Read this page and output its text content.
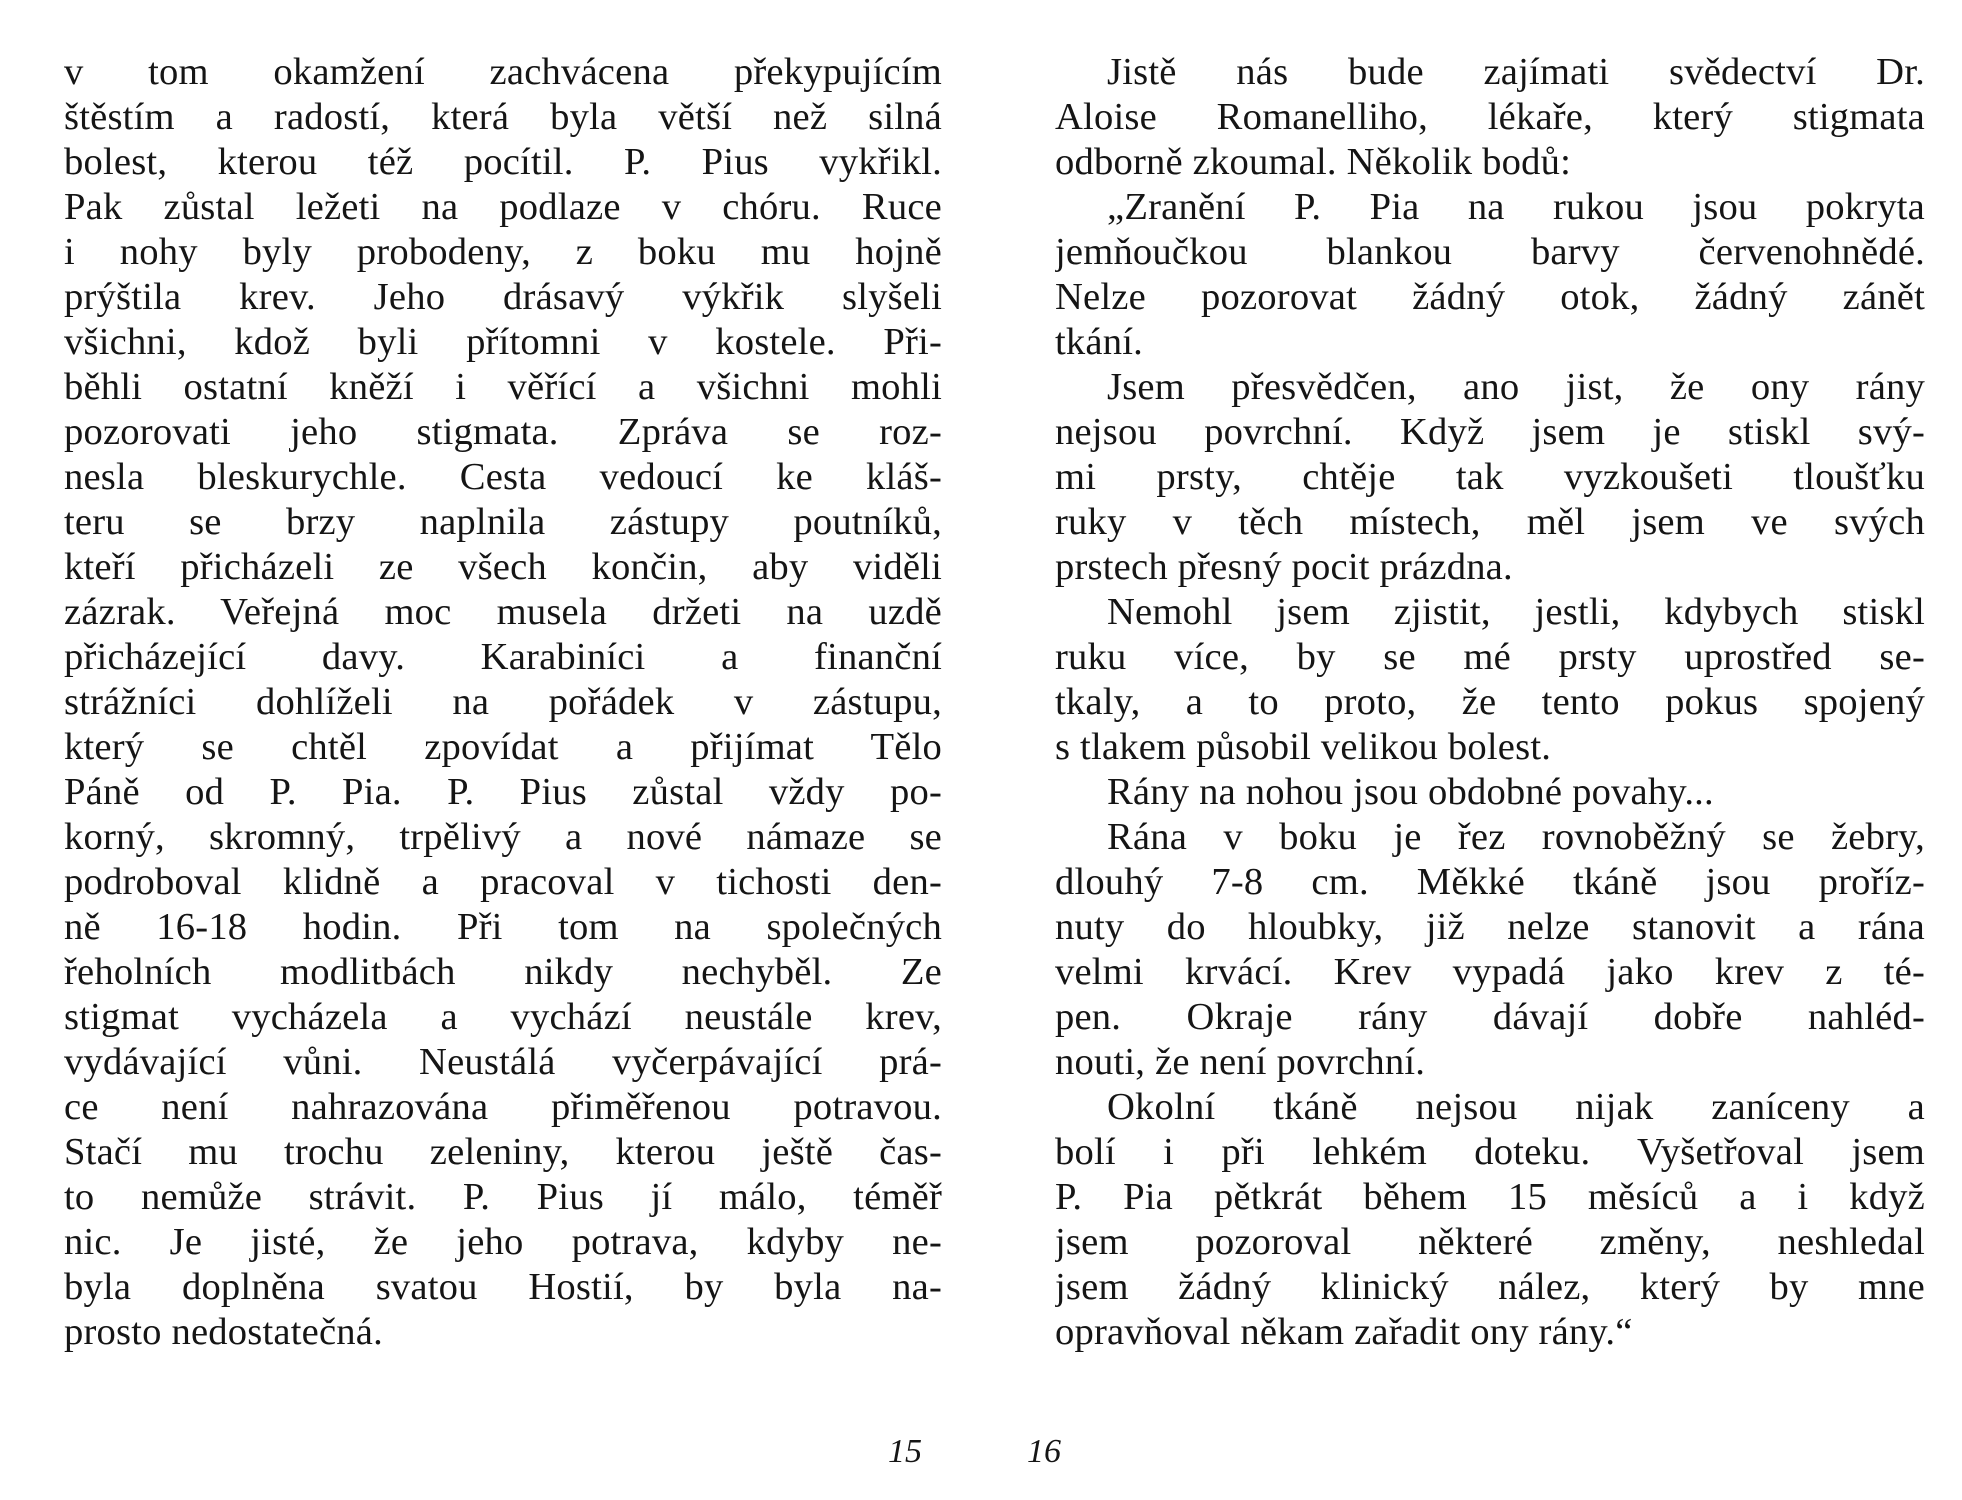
v tom okamžení zachvácena překypujícím
štěstím a radostí, která byla větší než silná
bolest, kterou též pocítil. P. Pius vykřikl.
Pak zůstal ležeti na podlaze v chóru. Ruce
i nohy byly probodeny, z boku mu hojně
prýštila krev. Jeho drásavý výkřik slyšeli
všichni, kdož byli přítomni v kostele. Při-
běhli ostatní kněží i věřící a všichni mohli
pozorovati jeho stigmata. Zpráva se roz-
nesla bleskurychle. Cesta vedoucí ke kláš-
teru se brzy naplnila zástupy poutníků,
kteří přicházeli ze všech končin, aby viděli
zázrak. Veřejná moc musela držeti na uzdě
přicházející davy. Karabiníci a finanční
strážníci dohlíželi na pořádek v zástupu,
který se chtěl zpovídat a přijímat Tělo
Páně od P. Pia. P. Pius zůstal vždy po-
korný, skromný, trpělivý a nové námaze se
podroboval klidně a pracoval v tichosti den-
ně 16-18 hodin. Při tom na společných
řeholních modlitbách nikdy nechyběl. Ze
stigmat vycházela a vychází neustále krev,
vydávající vůni. Neustálá vyčerpávající prá-
ce není nahrazována přiměřenou potravou.
Stačí mu trochu zeleniny, kterou ještě čas-
to nemůže strávit. P. Pius jí málo, téměř
nic. Je jisté, že jeho potrava, kdyby ne-
byla doplněna svatou Hostií, by byla na-
prosto nedostatečná.
15
Jistě nás bude zajímati svědectví Dr.
Aloise Romanelliho, lékaře, který stigmata
odborně zkoumal. Několik bodů:
„Zranění P. Pia na rukou jsou pokryta
jemňoučkou blankou barvy červenohnědé.
Nelze pozorovat žádný otok, žádný zánět
tkání.
Jsem přesvědčen, ano jist, že ony rány
nejsou povrchní. Když jsem je stiskl svý-
mi prsty, chtěje tak vyzkoušeti tloušťku
ruky v těch místech, měl jsem ve svých
prstech přesný pocit prázdna.
Nemohl jsem zjistit, jestli, kdybych stiskl
ruku více, by se mé prsty uprostřed se-
tkaly, a to proto, že tento pokus spojený
s tlakem působil velikou bolest.
Rány na nohou jsou obdobné povahy...
Rána v boku je řez rovnoběžný se žebry,
dlouhý 7-8 cm. Měkké tkáně jsou proříz-
nuty do hloubky, již nelze stanovit a rána
velmi krvácí. Krev vypadá jako krev z té-
pen. Okraje rány dávají dobře nahléd-
nouti, že není povrchní.
Okolní tkáně nejsou nijak zaníceny a
bolí i při lehkém doteku. Vyšetřoval jsem
P. Pia pětkrát během 15 měsíců a i když
jsem pozoroval některé změny, neshledal
jsem žádný klinický nález, který by mne
opravňoval někam zařadit ony rány.“
16
